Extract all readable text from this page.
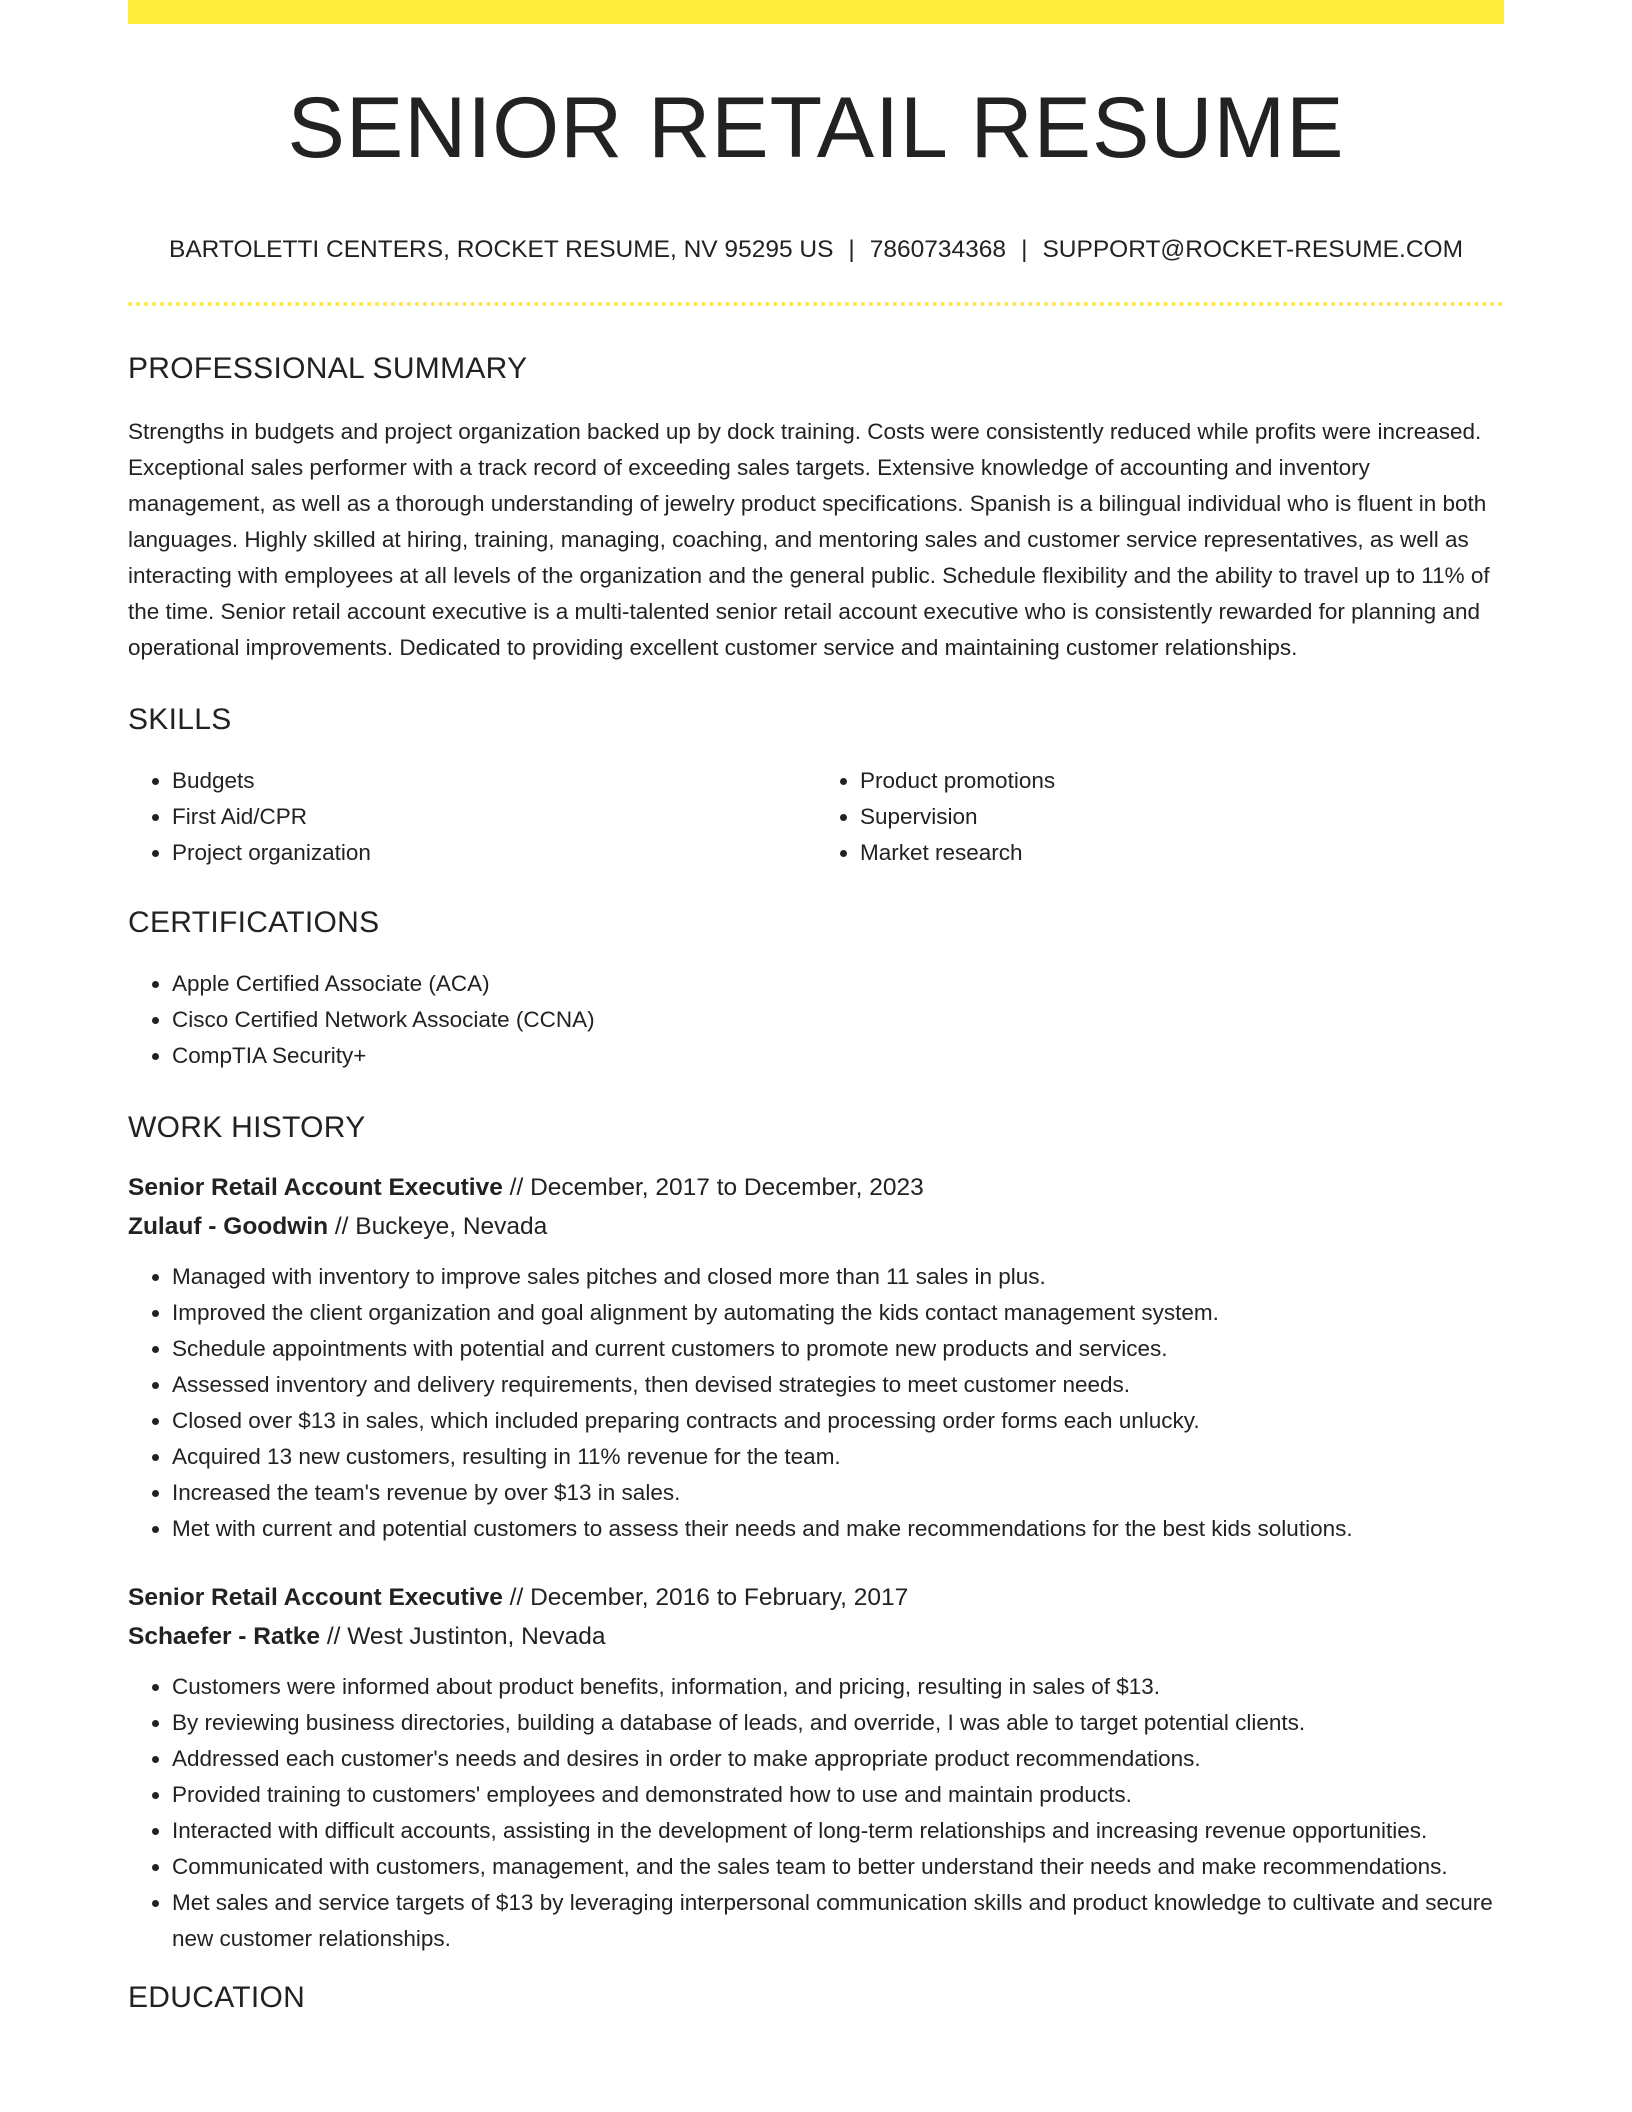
SENIOR RETAIL RESUME
BARTOLETTI CENTERS, ROCKET RESUME, NV 95295 US | 7860734368 | SUPPORT@ROCKET-RESUME.COM
PROFESSIONAL SUMMARY

Strengths in budgets and project organization backed up by dock training. Costs were consistently reduced while profits were increased. Exceptional sales performer with a track record of exceeding sales targets. Extensive knowledge of accounting and inventory management, as well as a thorough understanding of jewelry product specifications. Spanish is a bilingual individual who is fluent in both languages. Highly skilled at hiring, training, managing, coaching, and mentoring sales and customer service representatives, as well as interacting with employees at all levels of the organization and the general public. Schedule flexibility and the ability to travel up to 11% of the time. Senior retail account executive is a multi-talented senior retail account executive who is consistently rewarded for planning and operational improvements. Dedicated to providing excellent customer service and maintaining customer relationships.

SKILLS
• Budgets
• First Aid/CPR
• Project organization
• Product promotions
• Supervision
• Market research
CERTIFICATIONS
• Apple Certified Associate (ACA)
• Cisco Certified Network Associate (CCNA)
• CompTIA Security+
WORK HISTORY
Senior Retail Account Executive // December, 2017 to December, 2023
Zulauf - Goodwin // Buckeye, Nevada
• Managed with inventory to improve sales pitches and closed more than 11 sales in plus.
• Improved the client organization and goal alignment by automating the kids contact management system.
• Schedule appointments with potential and current customers to promote new products and services.
• Assessed inventory and delivery requirements, then devised strategies to meet customer needs.
• Closed over $13 in sales, which included preparing contracts and processing order forms each unlucky.
• Acquired 13 new customers, resulting in 11% revenue for the team.
• Increased the team's revenue by over $13 in sales.
• Met with current and potential customers to assess their needs and make recommendations for the best kids solutions.
Senior Retail Account Executive // December, 2016 to February, 2017
Schaefer - Ratke // West Justinton, Nevada
• Customers were informed about product benefits, information, and pricing, resulting in sales of $13.
• By reviewing business directories, building a database of leads, and override, I was able to target potential clients.
• Addressed each customer's needs and desires in order to make appropriate product recommendations.
• Provided training to customers' employees and demonstrated how to use and maintain products.
• Interacted with difficult accounts, assisting in the development of long-term relationships and increasing revenue opportunities.
• Communicated with customers, management, and the sales team to better understand their needs and make recommendations.
• Met sales and service targets of $13 by leveraging interpersonal communication skills and product knowledge to cultivate and secure new customer relationships.
EDUCATION
